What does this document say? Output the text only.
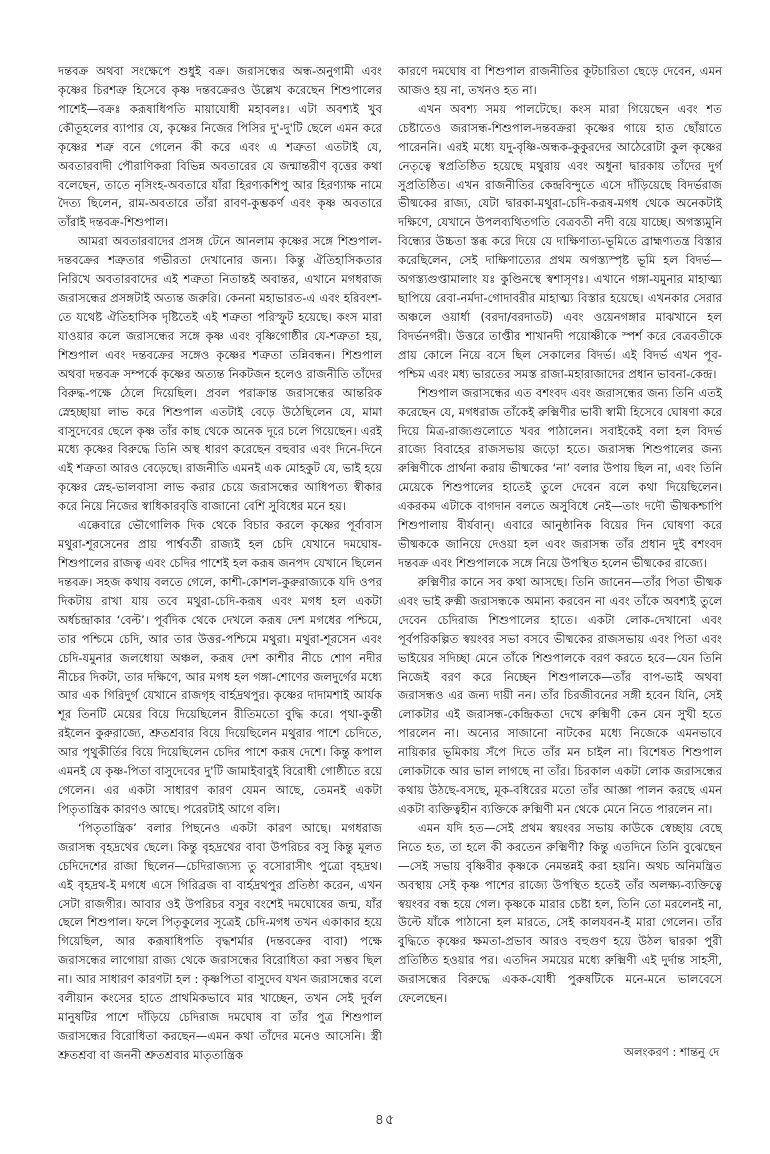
দন্তবক্র অথবা সংক্ষেপে শুধুই বক্র। জরাসন্ধের অন্ধ-অনুগামী এবং কৃষ্ণের চিরশত্রু হিসেবে কৃষ্ণ দন্তবক্রেরও উল্লেখ করেছেন শিশুপালের পাশেই—বক্রঃ করূষাধিপতি মায়াযোধী মহাবলঃ। এটা অবশ্যই খুব কৌতূহলের ব্যাপার যে, কৃষ্ণের নিজের পিসির দু'-দু'টি ছেলে এমন করে কৃষ্ণের শত্রু বনে গেলেন কী করে এবং এ শত্রুতা এতটাই যে, অবতারবাদী পৌরাণিকরা বিভিন্ন অবতারের যে জন্মান্তরীণ বৃত্তের কথা বলেছেন, তাতে নৃসিংহ-অবতারে যাঁরা হিরণ্যকশিপু আর হিরণ্যাক্ষ নামে দৈত্য ছিলেন, রাম-অবতারে তাঁরা রাবণ-কুম্ভকর্ণ এবং কৃষ্ণ অবতারে তাঁরাই দন্তবক্র-শিশুপাল।

আমরা অবতারবাদের প্রসঙ্গ টেনে আনলাম কৃষ্ণের সঙ্গে শিশুপাল-দন্তবক্রের শত্রুতার গভীরতা দেখানোর জন্য। কিন্তু ঐতিহাসিকতার নিরিখে অবতারবাদের এই শত্রুতা নিতান্তই অবান্তর, এখানে মগধরাজ জরাসন্ধের প্রসঙ্গটাই অত্যন্ত জরুরি। কেননা মহাভারত-এ এবং হরিবংশ-তে যথেষ্ট ঐতিহাসিক দৃষ্টিতেই এই শত্রুতা পরিস্ফুট হয়েছে। কংস মারা যাওয়ার কলে জরাসন্ধের সঙ্গে কৃষ্ণ এবং বৃষ্ণিগোষ্ঠীর যে-শত্রুতা হয়, শিশুপাল এবং দন্তবক্রের সঙ্গেও কৃষ্ণের শত্রুতা তন্নিবন্ধন। শিশুপাল অথবা দন্তবক্র সম্পর্কে কৃষ্ণের অত্যন্ত নিকটজন হলেও রাজনীতি তাঁদের বিরুদ্ধ-পক্ষে ঠেলে দিয়েছিল। প্রবল পরাক্রান্ত জরাসন্ধের আন্তরিক স্নেহচ্ছায়া লাভ করে শিশুপাল এতটাই বেড়ে উঠেছিলেন যে, মামা বাসুদেবের ছেলে কৃষ্ণ তাঁর কাছ থেকে অনেক দূরে চলে গিয়েছেন। এরই মধ্যে কৃষ্ণের বিরুদ্ধে তিনি অস্থ ধারণ করেছেন বহুবার এবং দিনে-দিনে এই শত্রুতা আরও বেড়েছে। রাজনীতি এমনই এক মোহকুট যে, ভাই হয়ে কৃষ্ণের স্নেহ-ভালবাসা লাভ করার চেয়ে জরাসন্ধের আধিপত্য স্বীকার করে নিয়ে নিজের স্বাধিকারবৃত্তি বাজানো বেশি সুবিধের মনে হয়।

এক্কেবারে ভৌগোলিক দিক থেকে বিচার করলে কৃষ্ণের পূর্বাবাস মথুরা-শূরসেনের প্রায় পার্শ্ববর্তী রাজ্যই হল চেদি যেখানে দমঘোষ-শিশুপালের রাজত্ব এবং চেদির পাশেই হল করূষ জনপদ যেখানে ছিলেন দন্তবক্র। সহজ কথায় বলতে গেলে, কাশী-কোশল-কুরুরাজ্যকে যদি ওপর দিকটায় রাখা যায় তবে মথুরা-চেদি-করূষ এবং মগধ হল একটা অর্ধচন্দ্রাকার ‘বেল্ট’। পূর্বদিক থেকে দেখলে করূষ দেশ মগধের পশ্চিমে, তার পশ্চিমে চেদি, আর তার উত্তর-পশ্চিমে মথুরা। মথুরা-শূরসেন এবং চেদি-যমুনার জলধোয়া অঞ্চল, করূষ দেশ কাশীর নীচে শোণ নদীর নীচের দিকটা, তার দক্ষিণে, আর মগধ হল গঙ্গা-শোণের জলদুর্গের মধ্যে আর এক গিরিদুর্গ যেখানে রাজগৃহ বার্হদ্রথপুর। কৃষ্ণের দাদামশাই আর্যক শূর তিনটি মেয়ের বিয়ে দিয়েছিলেন রীতিমতো বুদ্ধি করে। পৃথা-কুন্তী রইলেন কুরুরাজ্যে, শ্রুতশ্রবার বিয়ে দিয়েছিলেন মথুরার পাশে চেদিতে, আর পৃথুকীর্তির বিয়ে দিয়েছিলেন চেদির পাশে করূষ দেশে। কিন্তু কপাল এমনই যে কৃষ্ণ-পিতা বাসুদেবের দু'টি জামাইবাবুই বিরোধী গোষ্ঠীতে রয়ে গেলেন। এর একটা সাধারণ কারণ যেমন আছে, তেমনই একটা পিতৃতান্ত্রিক কারণও আছে। পরেরটাই আগে বলি।

‘পিতৃতান্ত্রিক’ বলার পিছনেও একটা কারণ আছে। মগধরাজ জরাসন্ধ বৃহদ্রথের ছেলে। কিন্তু বৃহদ্রথের বাবা উপরিচর বসু কিন্তু মূলত চেদিদেশের রাজা ছিলেন—চেদিরাজ্যস্য তু বসোরাসীৎ পুত্রো বৃহদ্রথ। এই বৃহদ্রথ-ই মগধে এসে গিরিব্রজ বা বার্হদ্রথপুর প্রতিষ্ঠা করেন, এখন সেটা রাজগীর। আবার ওই উপরিচর বসুর বংশেই দমঘোষের জন্ম, যাঁর ছেলে শিশুপাল। ফলে পিতৃকুলের সূত্রেই চেদি-মগধ তখন একাকার হয়ে গিয়েছিল, আর করূষাধিপতি বৃদ্ধশর্মার (দন্তবক্রের বাবা) পক্ষে জরাসন্ধের লাগোয়া রাজ্য থেকে জরাসন্ধের বিরোধিতা করা সম্ভব ছিল না। আর সাধারণ কারণটা হল : কৃষ্ণপিতা বাসুদেব যখন জরাসন্ধের বলে বলীয়ান কংসের হাতে প্রাথমিকভাবে মার খাচ্ছেন, তখন সেই দুর্বল মানুষটির পাশে দাঁড়িয়ে চেদিরাজ দমঘোষ বা তাঁর পুত্র শিশুপাল জরাসন্ধের বিরোধিতা করছেন—এমন কথা তাঁদের মনেও আসেনি। স্ত্রী শ্রুতশ্রবা বা জননী শ্রুতশ্রবার মাতৃতান্ত্রিক

কারণে দমঘোষ বা শিশুপাল রাজনীতির কূটচারিতা ছেড়ে দেবেন, এমন আজও হয় না, তখনও হত না।

এখন অবশ্য সময় পালটেছে। কংস মারা গিয়েছেন এবং শত চেষ্টাতেও জরাসন্ধ-শিশুপাল-দন্তবক্ররা কৃষ্ণের গায়ে হাত ছোঁয়াতে পারেননি। এরই মধ্যে যদু-বৃষ্ণি-অন্ধক-কুকুরদের আঠেরোটা কুল কৃষ্ণের নেতৃত্বে স্বপ্রতিষ্ঠিত হয়েছে মথুরায় এবং অধুনা দ্বারকায় তাঁদের দুর্গ সুপ্রতিষ্ঠিত। এখন রাজনীতির কেন্দ্রবিন্দুতে এসে দাঁড়িয়েছে বিদর্ভরাজ ভীষ্মকের রাজ্য, যেটা দ্বারকা-মথুরা-চেদি-করূষ-মগধ থেকে অনেকটাই দক্ষিণে, যেখানে উপলব্যথিতগতি বেত্রবতী নদী বয়ে যাচ্ছে। অগস্ত্যমুনি বিন্ধ্যের উচ্চতা স্তব্ধ করে দিয়ে যে দাক্ষিণাত্য-ভূমিতে ব্রাহ্মণ্যতন্ত্র বিস্তার করেছিলেন, সেই দাক্ষিণাত্যের প্রথম অগস্ত্যস্পৃষ্ট ভূমি হল বিদর্ভ—অগস্ত্যগুপ্তামালাং যঃ কুণ্ডিনস্থে স্বশাসৃণঃ। এখানে গঙ্গা-যমুনার মাহাত্ম্য ছাপিয়ে রেবা-নর্মদা-গোদাবরীর মাহাত্ম্য বিস্তার হয়েছে। এখনকার সেরার অঞ্চলে ওয়ার্ধা (বরদা/বরদাতট) এবং ওয়েনগঙ্গার মাঝখানে হল বিদর্ভনগরী। উত্তরে তাপ্তীর শাখানদী পয়োষ্ণীকে স্পর্শ করে বেত্রবতীকে প্রায় কোলে নিয়ে বসে ছিল সেকালের বিদর্ভ। এই বিদর্ভ এখন পূব-পশ্চিম এবং মধ্য ভারতের সমস্ত রাজা-মহারাজাদের প্রধান ভাবনা-কেন্দ্র।

শিশুপাল জরাসন্ধের এত বশংবদ এবং জরাসন্ধের জন্য তিনি এতই করেছেন যে, মগধরাজ তাঁকেই রুক্মিণীর ভাবী স্বামী হিসেবে ঘোষণা করে দিয়ে মিত্র-রাজ্যগুলোতে খবর পাঠালেন। সবাইকেই বলা হল বিদর্ভ রাজ্যে বিবাহের রাজসভায় জড়ো হতে। জরাসন্ধ শিশুপালের জন্য রুক্মিণীকে প্রার্থনা করায় ভীষ্মকের ‘না’ বলার উপায় ছিল না, এবং তিনি মেয়েকে শিশুপালের হাতেই তুলে দেবেন বলে কথা দিয়েছিলেন। একরকম এটাকে বাগদান বলতে অসুবিধে নেই—তাং দদৌ ভীষ্মকশ্চাপি শিশুপালায় বীর্যবান্। এবারে আনুষ্ঠানিক বিয়ের দিন ঘোষণা করে ভীষ্মককে জানিয়ে দেওয়া হল এবং জরাসন্ধ তাঁর প্রধান দুই বশংবদ দন্তবক্র এবং শিশুপালকে সঙ্গে নিয়ে উপস্থিত হলেন ভীষ্মকের রাজ্যে।

রুক্মিণীর কানে সব কথা আসছে। তিনি জানেন—তাঁর পিতা ভীষ্মক এবং ভাই রুক্মী জরাসন্ধকে অমান্য করবেন না এবং তাঁকে অবশ্যই তুলে দেবেন চেদিরাজ শিশুপালের হাতে। একটা লোক-দেখানো এবং পূর্বপরিকল্পিত স্বয়ংবর সভা বসবে ভীষ্মকের রাজসভায় এবং পিতা এবং ভাইয়ের সদিচ্ছা মেনে তাঁকে শিশুপালকে বরণ করতে হবে—যেন তিনি নিজেই বরণ করে নিচ্ছেন শিশুপালকে—তাঁর বাপ-ভাই অথবা জরাসন্ধও এর জন্য দায়ী নন। তাঁর চিরজীবনের সঙ্গী হবেন যিনি, সেই লোকটার এই জরাসন্ধ-কেন্দ্রিকতা দেখে রুক্মিণী কেন যেন সুখী হতে পারলেন না। অন্যের সাজানো নাটকের মধ্যে নিজেকে এমনভাবে নায়িকার ভূমিকায় সঁপে দিতে তাঁর মন চাইল না। বিশেষত শিশুপাল লোকটাকে আর ভাল লাগছে না তাঁর। চিরকাল একটা লোক জরাসন্ধের কথায় উঠছে-বসছে, মূক-বধিরের মতো তাঁর আজ্ঞা পালন করছে এমন একটা ব্যক্তিত্বহীন ব্যক্তিকে রুক্মিণী মন থেকে মেনে নিতে পারলেন না।

এমন যদি হত—সেই প্রথম স্বয়ংবর সভায় কাউকে স্বেচ্ছায় বেছে নিতে হত, তা হলে কী করতেন রুক্মিণী? কিন্তু এতদিনে তিনি বুঝেছেন—সেই সভায় বৃষ্ণিবীর কৃষ্ণকে নেমন্তন্নই করা হয়নি। অথচ অনিমন্ত্রিত অবস্থায় সেই কৃষ্ণ পাশের রাজ্যে উপস্থিত হতেই তাঁর অলক্ষ্য-ব্যক্তিত্বে স্বয়ংবর বন্ধ হয়ে গেল। কৃষ্ণকে মারার চেষ্টা হল, তিনি তো মরলেনই না, উল্টে যাঁকে পাঠানো হল মারতে, সেই কালযবন-ই মারা গেলেন। তাঁর বুদ্ধিতে কৃষ্ণের ক্ষমতা-প্রভাব আরও বহুগুণ হয়ে উঠল দ্বারকা পুরী প্রতিষ্ঠিত হওয়ার পর। এতদিন সময়ের মধ্যে রুক্মিণী এই দুর্দান্ত সাহসী, জরাসন্ধের বিরুদ্ধে একক-যোধী পুরুষটিকে মনে-মনে ভালবেসে ফেলেছেন।

অলংকরণ : শান্তনু দে
৪৫
